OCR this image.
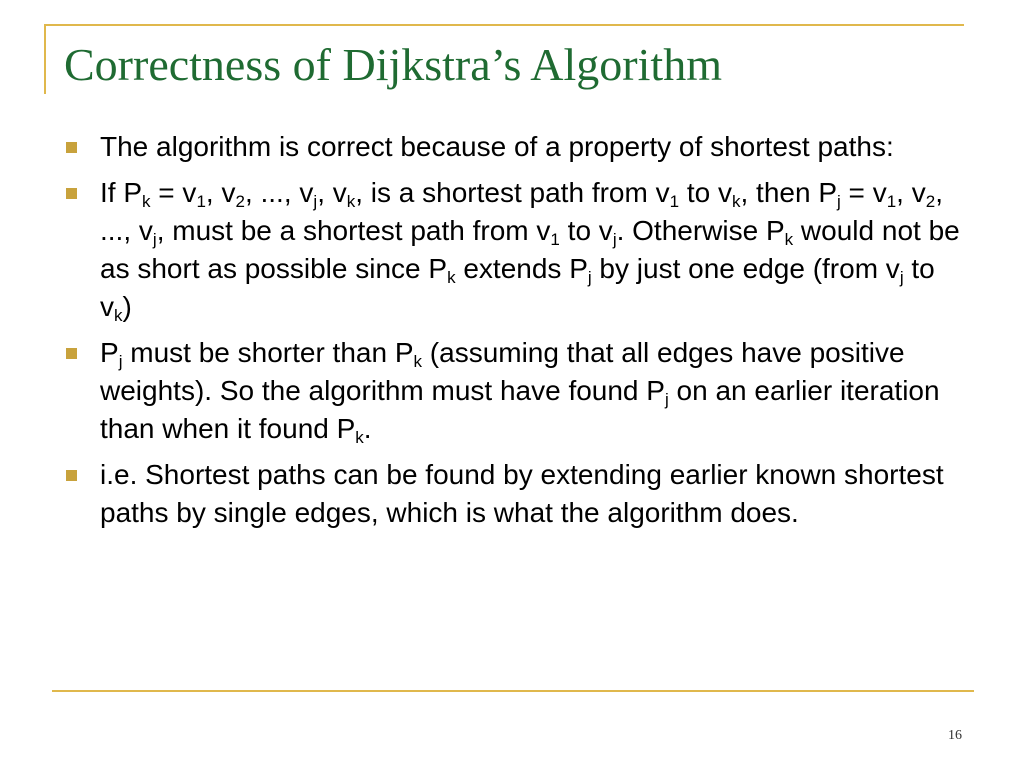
Correctness of Dijkstra’s Algorithm
The algorithm is correct because of a property of shortest paths:
If $P_k = v_1$, $v_2$, ..., $v_j$, $v_k$, is a shortest path from $v_1$ to $v_k$, then $P_j = v_1$, $v_2$, ..., $v_j$, must be a shortest path from $v_1$ to $v_j$. Otherwise $P_k$ would not be as short as possible since $P_k$ extends $P_j$ by just one edge (from $v_j$ to $v_k$)
$P_j$ must be shorter than $P_k$ (assuming that all edges have positive weights). So the algorithm must have found $P_j$ on an earlier iteration than when it found $P_k$.
i.e. Shortest paths can be found by extending earlier known shortest paths by single edges, which is what the algorithm does.
16
